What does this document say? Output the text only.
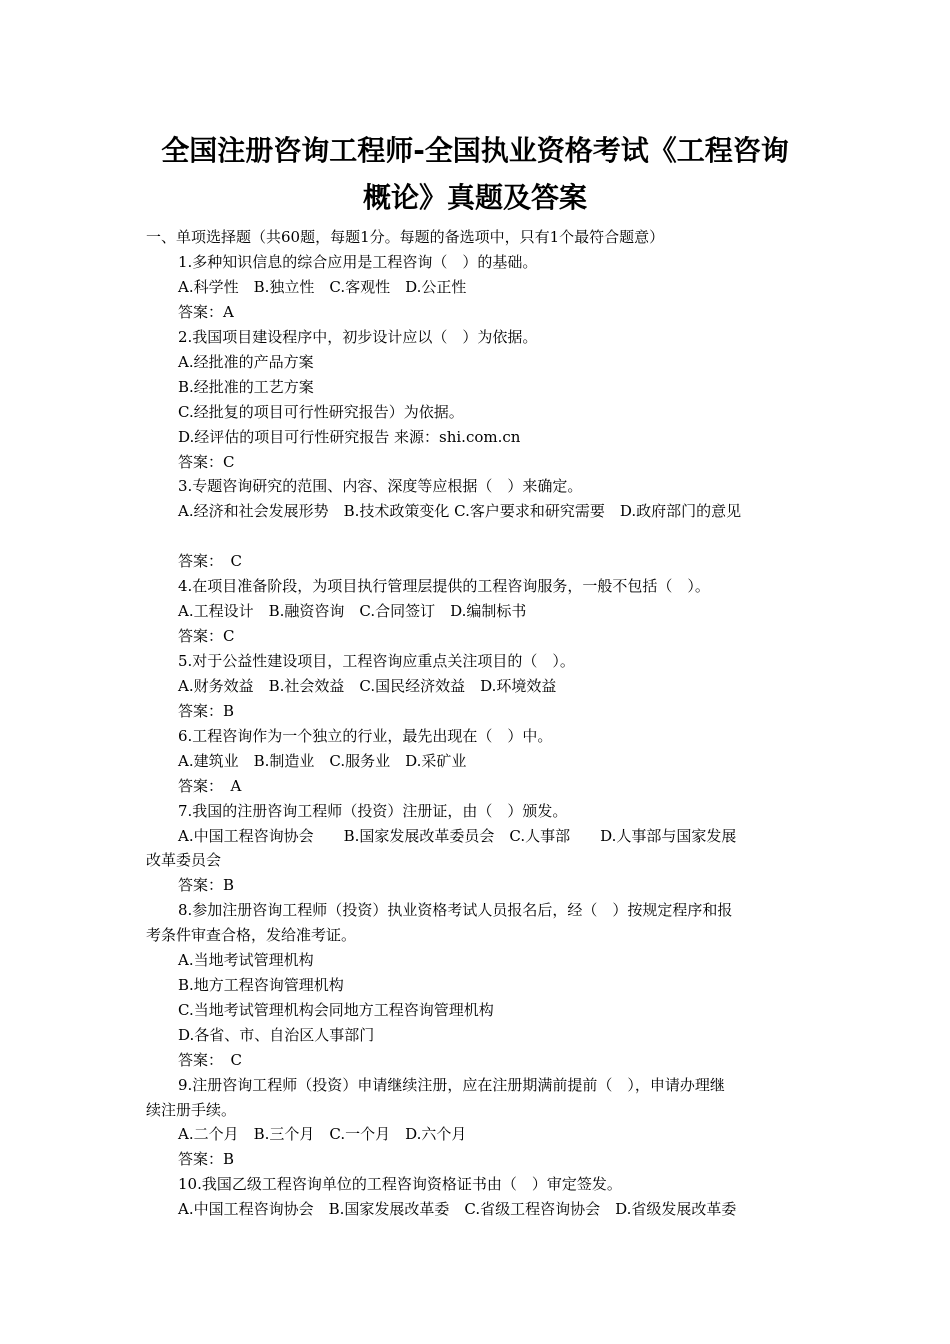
全国注册咨询工程师-全国执业资格考试《工程咨询
概论》真题及答案
一、单项选择题（共60题，每题1分。每题的备选项中，只有1个最符合题意）
1.多种知识信息的综合应用是工程咨询（　）的基础。
A.科学性　B.独立性　C.客观性　D.公正性
答案：A
2.我国项目建设程序中，初步设计应以（　）为依据。
A.经批准的产品方案
B.经批准的工艺方案
C.经批复的项目可行性研究报告）为依据。
D.经评估的项目可行性研究报告 来源：shi.com.cn
答案：C
3.专题咨询研究的范围、内容、深度等应根据（　）来确定。
A.经济和社会发展形势　B.技术政策变化 C.客户要求和研究需要　D.政府部门的意见
答案：　C
4.在项目准备阶段，为项目执行管理层提供的工程咨询服务，一般不包括（　）。
A.工程设计　B.融资咨询　C.合同签订　D.编制标书
答案：C
5.对于公益性建设项目，工程咨询应重点关注项目的（　）。
A.财务效益　B.社会效益　C.国民经济效益　D.环境效益
答案：B
6.工程咨询作为一个独立的行业，最先出现在（　）中。
A.建筑业　B.制造业　C.服务业　D.采矿业
答案：　A
7.我国的注册咨询工程师（投资）注册证，由（　）颁发。
A.中国工程咨询协会　　B.国家发展改革委员会　C.人事部　　D.人事部与国家发展
改革委员会
答案：B
8.参加注册咨询工程师（投资）执业资格考试人员报名后，经（　）按规定程序和报
考条件审查合格，发给准考证。
A.当地考试管理机构
B.地方工程咨询管理机构
C.当地考试管理机构会同地方工程咨询管理机构
D.各省、市、自治区人事部门
答案：　C
9.注册咨询工程师（投资）申请继续注册，应在注册期满前提前（　），申请办理继
续注册手续。
A.二个月　B.三个月　C.一个月　D.六个月
答案：B
10.我国乙级工程咨询单位的工程咨询资格证书由（　）审定签发。
A.中国工程咨询协会　B.国家发展改革委　C.省级工程咨询协会　D.省级发展改革委
